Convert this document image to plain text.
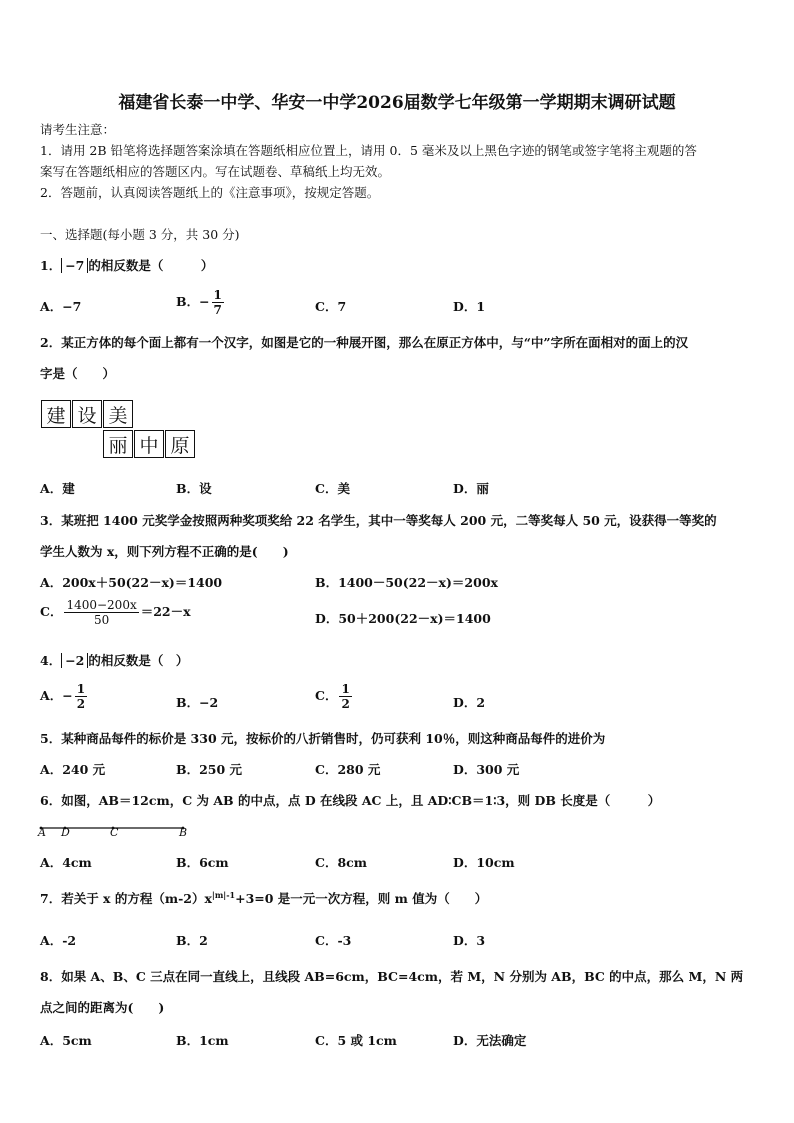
福建省长泰一中学、华安一中学2026届数学七年级第一学期期末调研试题
请考生注意：
1．请用 2B 铅笔将选择题答案涂填在答题纸相应位置上，请用 0．5 毫米及以上黑色字迹的钢笔或签字笔将主观题的答
案写在答题纸相应的答题区内。写在试题卷、草稿纸上均无效。
2．答题前，认真阅读答题纸上的《注意事项》，按规定答题。
一、选择题(每小题 3 分，共 30 分)
1． −7 的相反数是（　　　）
A．−7	B．− $\frac{1}{7}$	C．7	D．1
2．某正方体的每个面上都有一个汉字，如图是它的一种展开图，那么在原正方体中，与“中”字所在面相对的面上的汉
字是（　　）
建 设 美
丽 中 原
A．建	B．设	C．美	D．丽
3．某班把 1400 元奖学金按照两种奖项奖给 22 名学生，其中一等奖每人 200 元，二等奖每人 50 元，设获得一等奖的
学生人数为 x，则下列方程不正确的是(　　)
A．200x＋50(22－x)＝1400	B．1400－50(22－x)＝200x
C． $\frac{1400-200x}{50} =22-x$	D．50＋200(22－x)＝1400
4． −2 的相反数是（　）
A．− $\frac{1}{2}$	B．−2	C． $\frac{1}{2}$	D．2
5．某种商品每件的标价是 330 元，按标价的八折销售时，仍可获利 10％，则这种商品每件的进价为
A．240 元	B．250 元	C．280 元	D．300 元
6．如图，AB＝12cm，C 为 AB 的中点，点 D 在线段 AC 上，且 AD∶CB＝1∶3，则 DB 长度是（　　　）
A D	C	B
A．4cm	B．6cm	C．8cm	D．10cm
7．若关于 x 的方程$(m-2)x^{|m|-1}+3=0$ 是一元一次方程，则 m 值为（　　）
A．-2	B．2	C．-3	D．3
8．如果 A、B、C 三点在同一直线上，且线段 AB=6cm，BC=4cm，若 M，N 分别为 AB，BC 的中点，那么 M，N 两
点之间的距离为(　　)
A．5cm	B．1cm	C．5 或 1cm	D．无法确定
